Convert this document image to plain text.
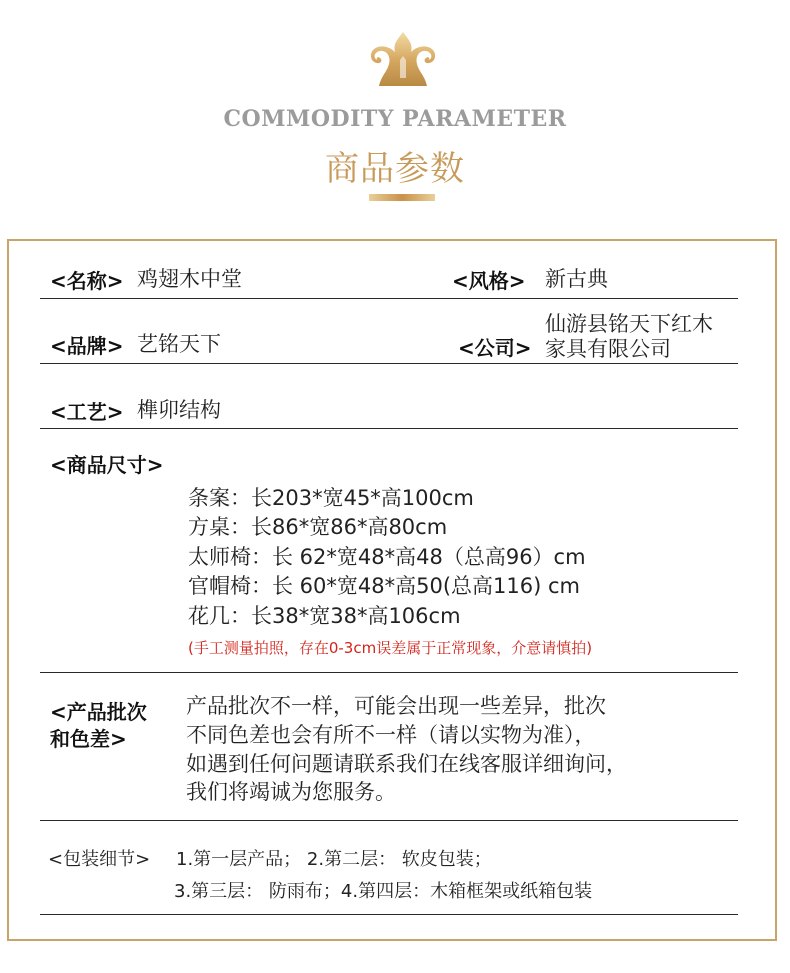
COMMODITY PARAMETER
商品参数
<名称> 鸡翅木中堂	<风格> 新古典
<品牌> 艺铭天下	<公司>
仙游县铭天下红木
家具有限公司
<工艺> 榫卯结构
<商品尺寸>
条案：长203*宽45*高100cm
方桌：长86*宽86*高80cm
太师椅：长 62*宽48*高48（总高96）cm
官帽椅：长 60*宽48*高50(总高116) cm
花几：长38*宽38*高106cm
(手工测量拍照，存在0-3cm误差属于正常现象，介意请慎拍)
<产品批次
和色差>
产品批次不一样，可能会出现一些差异，批次
不同色差也会有所不一样（请以实物为准），
如遇到任何问题请联系我们在线客服详细询问，
我们将竭诚为您服务。
<包装细节> 1.第一层产品； 2.第二层： 软皮包装；
3.第三层： 防雨布；4.第四层：木箱框架或纸箱包装
